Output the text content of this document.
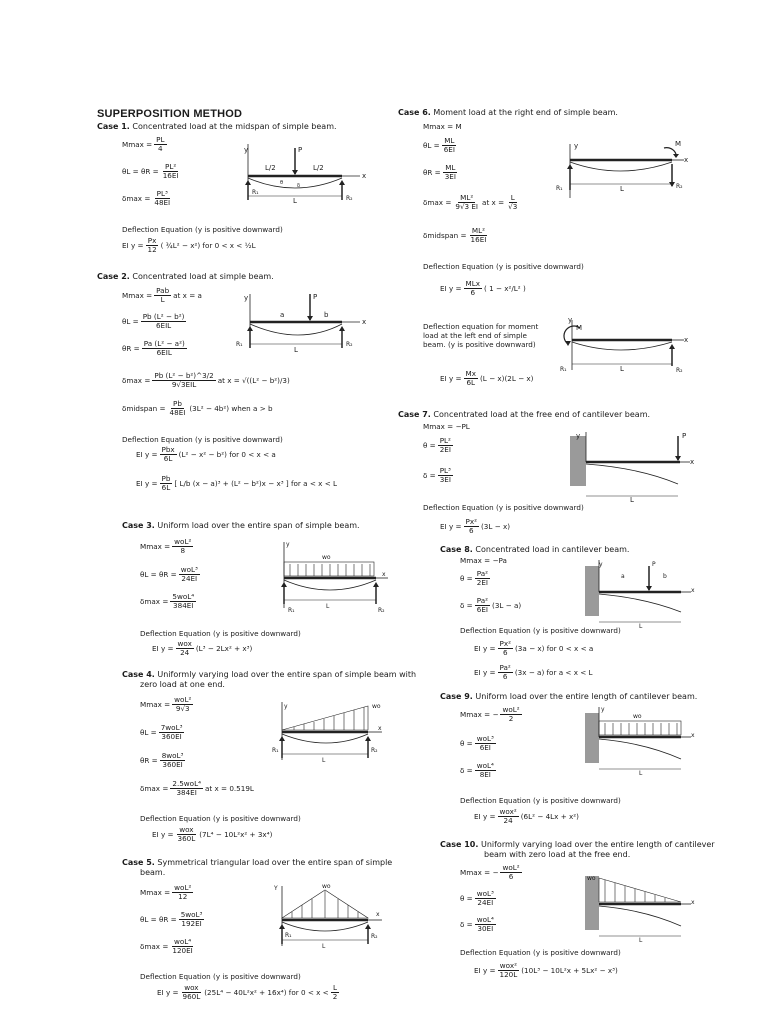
SUPERPOSITION METHOD
Case 1. Concentrated load at the midspan of simple beam.
$Mmax = \frac{PL}{4}$
$\theta L = \theta R = \frac{\text{PL²}}{16EI}$
$\delta\max = \frac{\text{PL³}}{48EI}$
Deflection Equation (y is positive downward)
EI $y = \frac{Px}{12}$ ( ¾L² − x²) for 0 < x < ½L
y	P
L/2	L/2
x
L
R₁
R₂
θ	δ
Case 2. Concentrated load at simple beam.
$Mmax = \frac{\text{Pab}}{L}$ at x = a
$\theta L = \frac{\text{Pb (L² − b²)}}{\text{6EIL}}$
$\theta R = \frac{\text{Pa (L² − a²)}}{\text{6EIL}}$
$\delta\max = \frac{\text{Pb (L² − b²)\textasciicircum{}3/2}}{\text{9√3EIL}}$ at x = √((L² − b²)/3)
δmidspan = $\frac{Pb}{48EI} (3L^2 - 4b^2)$ when a > b
Deflection Equation (y is positive downward)
EI $y = \frac{\text{Pbx}}{6L} (L^2 - x^2 - b^2)$ for 0 < x < a
EI $y = \frac{Pb}{6L}$ [ L/b (x − a)³ + (L² − b²)x − x³ ] for a < x < L
y	P
a	b
x
L
R₁	R₂
Case 3. Uniform load over the entire span of simple beam.
$Mmax = \frac{\text{woL²}}{8}$
$\theta L = \theta R = \frac{\text{woL³}}{24EI}$
$\delta\max = \frac{\text{5woL⁴}}{384EI}$
Deflection Equation (y is positive downward)
EI $y = \frac{\text{wox}}{24} (L^3 - 2Lx^2 + x^3)$
y
wo
x
L
R₁	R₂
Case 4. Uniformly varying load over the entire span of simple beam with
zero load at one end.
$Mmax = \frac{\text{woL²}}{9√3}$
$\theta L = \frac{\text{7woL³}}{360EI}$
$\theta R = \frac{\text{8woL³}}{360EI}$
$\delta\max = \frac{\text{2.5woL⁴}}{384EI}$ at x = 0.519L
Deflection Equation (y is positive downward)
EI $y = \frac{\text{wox}}{360L} (7L^4 - 10L^2x^2 + 3x^4)$
y	wo
x
L
R₁	R₂
Case 5. Symmetrical triangular load over the entire span of simple
beam.
$Mmax = \frac{\text{woL²}}{12}$
$\theta L = \theta R = \frac{\text{5woL³}}{192EI}$
$\delta\max = \frac{\text{woL⁴}}{120EI}$
Deflection Equation (y is positive downward)
EI $y = \frac{\text{wox}}{960L} (25L^4 - 40L^2x^2 + 16x^4)$ for $0 < x < \frac{L}{2}$
Y	wo
x
L
R₁	R₂
Case 6. Moment load at the right end of simple beam.
Mmax = M
$\theta L = \frac{ML}{6EI}$
$\theta R = \frac{ML}{3EI}$
$\delta\max = \frac{\text{ML²}}{9√3 EI}$ at $x = \frac{L}{√3}$
δmidspan = $\frac{\text{ML²}}{16EI}$
Deflection Equation (y is positive downward)
EI $y = \frac{\text{MLx}}{6}$ ( 1 − x²/L² )
Deflection equation for moment load at the left end of simple beam. (y is positive downward)
EI $y = \frac{Mx}{6L} (L - x)(2L - x)$
y	M
x
L
R₁	R₂
y
M
x
L
R₁	R₂
Case 7. Concentrated load at the free end of cantilever beam.
Mmax = −PL
$\theta = \frac{\text{PL²}}{2EI}$
$\delta = \frac{\text{PL³}}{3EI}$
Deflection Equation (y is positive downward)
EI $y = \frac{\text{Px²}}{6} (3L - x)$
y	P
x
L
Case 8. Concentrated load in cantilever beam.
Mmax = −Pa
$\theta = \frac{\text{Pa²}}{2EI}$
$\delta = \frac{\text{Pa²}}{6EI} (3L - a)$
Deflection Equation (y is positive downward)
EI $y = \frac{\text{Px²}}{6} (3a - x)$ for 0 < x < a
EI $y = \frac{\text{Pa²}}{6} (3x - a)$ for a < x < L
y	P
a	b
x
L
Case 9. Uniform load over the entire length of cantilever beam.
Mmax = − $\frac{\text{woL²}}{2}$
$\theta = \frac{\text{woL³}}{6EI}$
$\delta = \frac{\text{woL⁴}}{8EI}$
Deflection Equation (y is positive downward)
EI $y = \frac{\text{wox²}}{24} (6L^2 - 4Lx + x^2)$
y
wo
x
L
Case 10. Uniformly varying load over the entire length of cantilever
beam with zero load at the free end.
Mmax = − $\frac{\text{woL²}}{6}$
$\theta = \frac{\text{woL³}}{24EI}$
$\delta = \frac{\text{woL⁴}}{30EI}$
Deflection Equation (y is positive downward)
EI $y = \frac{\text{wox²}}{120L} (10L^3 - 10L^2x + 5Lx^2 - x^3)$
wo
x
L
